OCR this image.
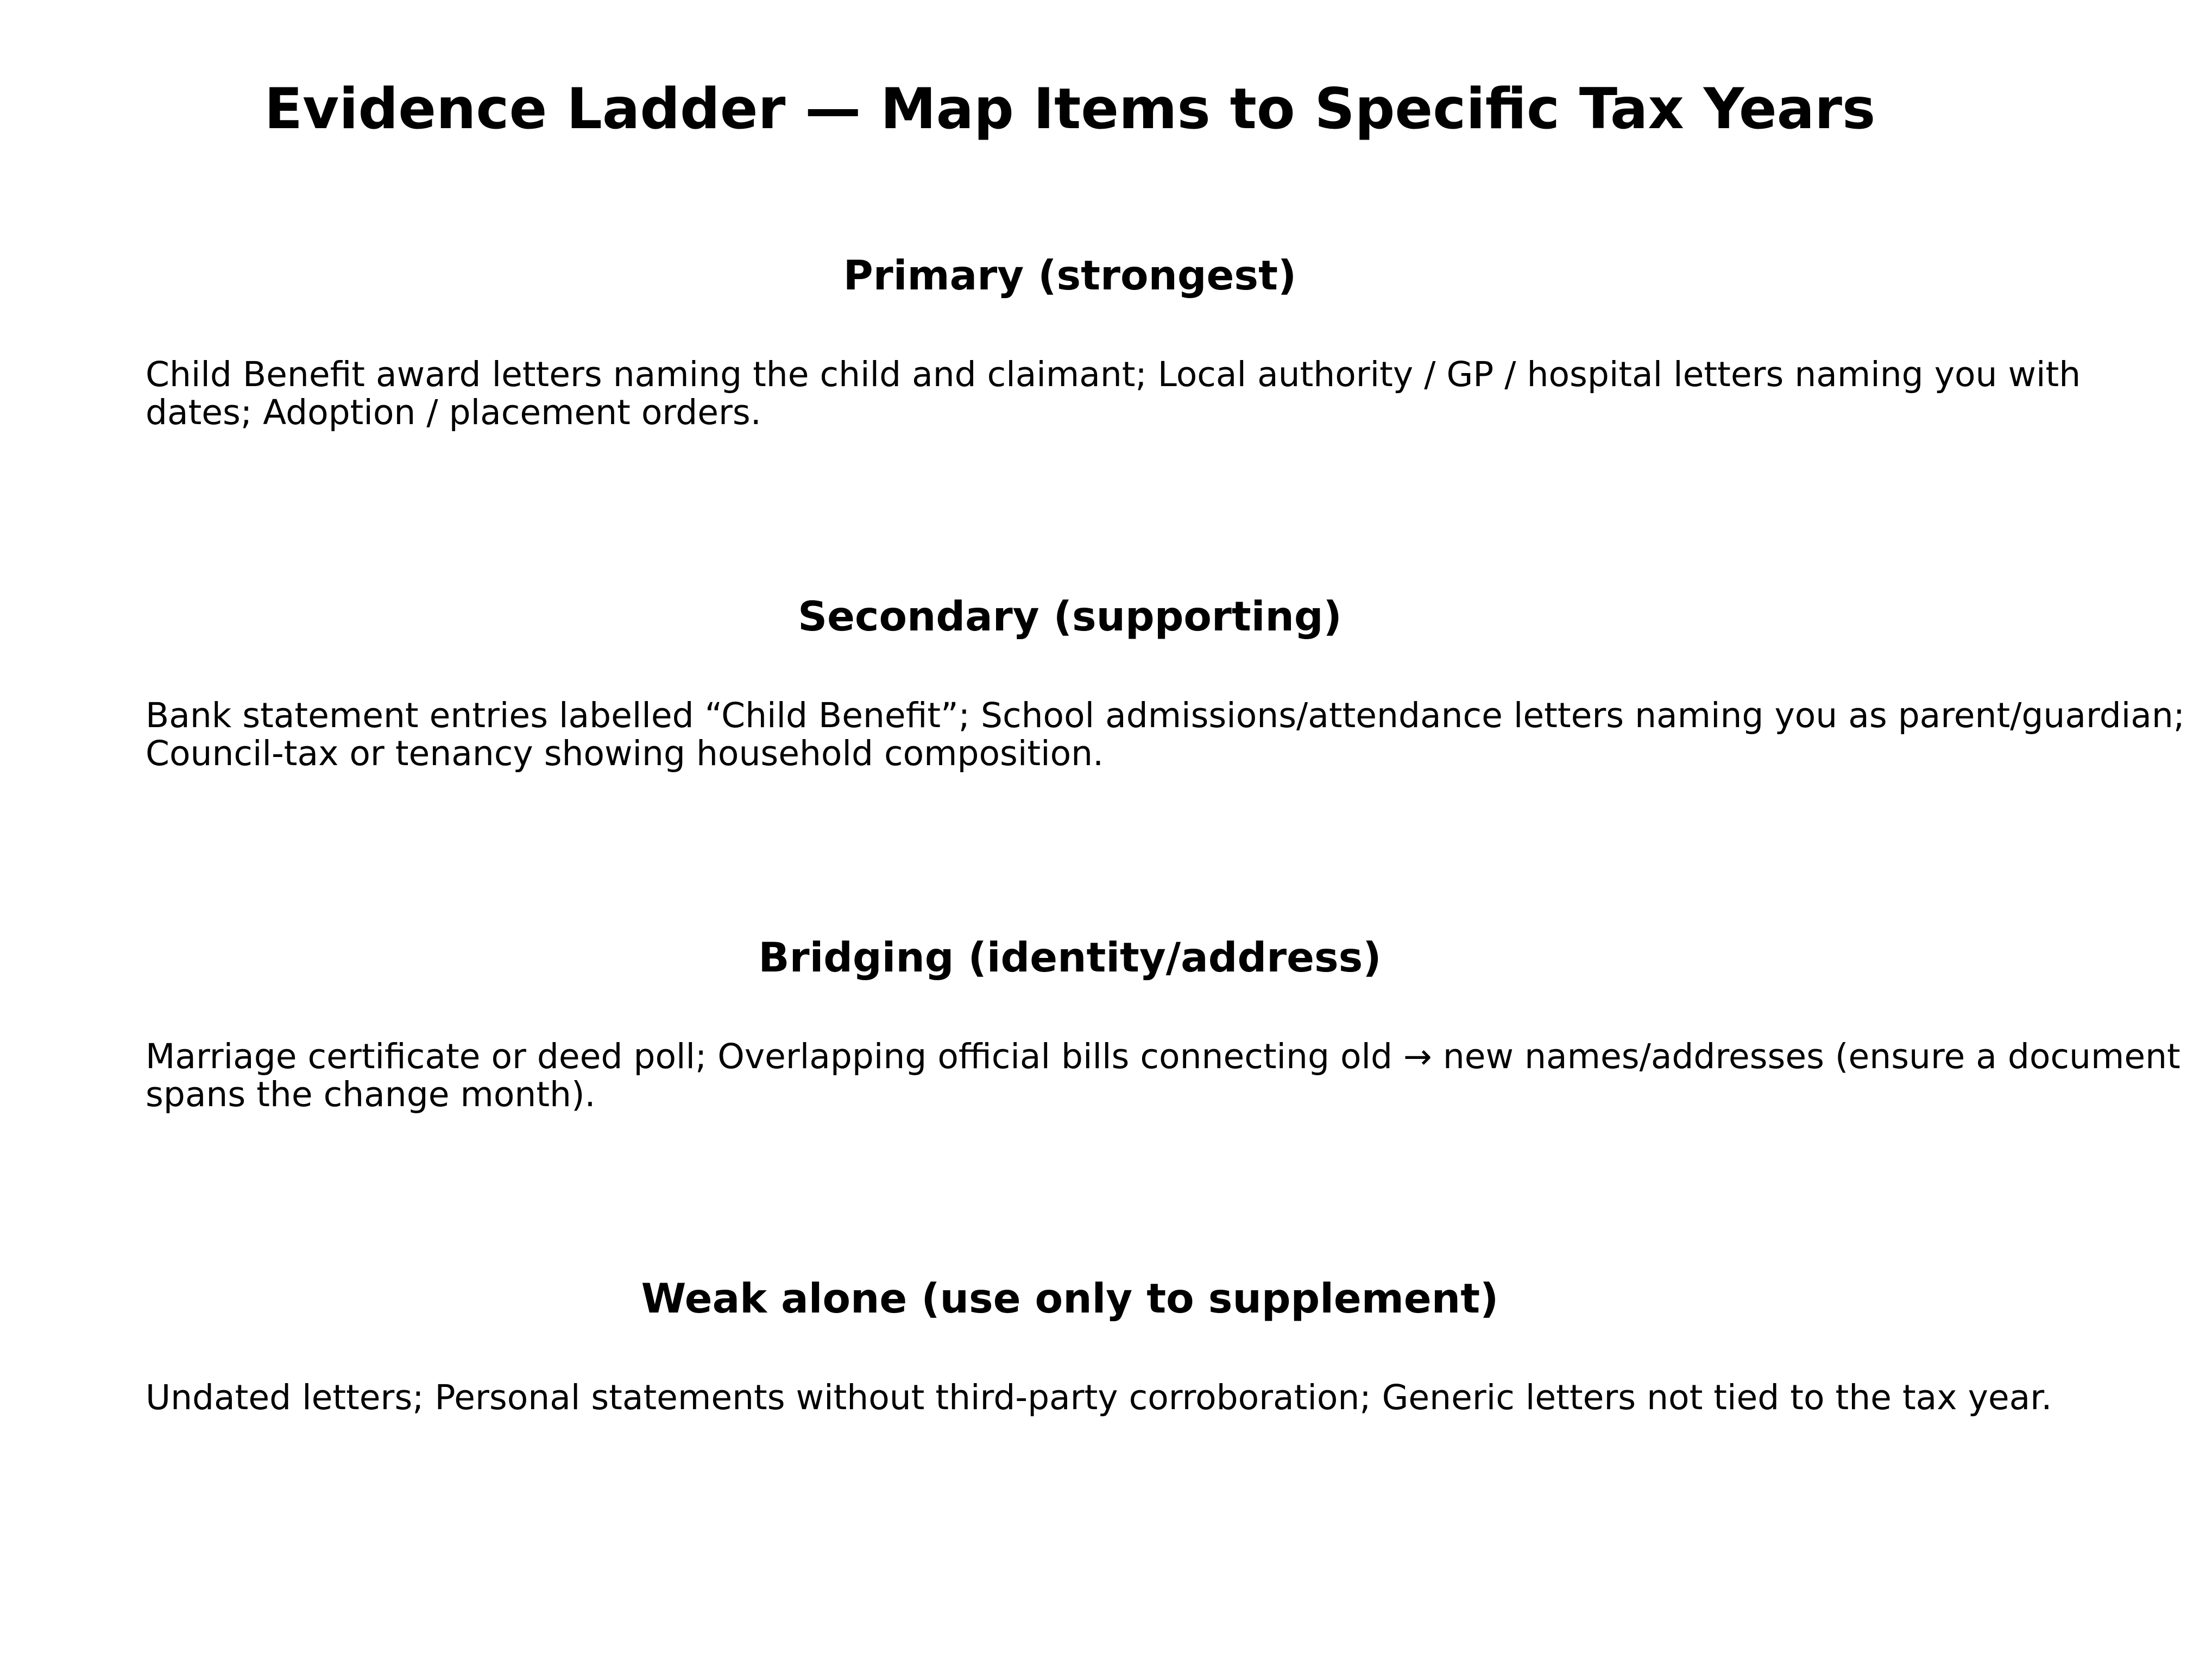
Evidence Ladder — Map Items to Specific Tax Years
Primary (strongest)

Child Benefit award letters naming the child and claimant; Local authority / GP / hospital letters naming you with
dates; Adoption / placement orders.

Secondary (supporting)

Bank statement entries labelled “Child Benefit”; School admissions/attendance letters naming you as parent/guardian;
Council-tax or tenancy showing household composition.

Bridging (identity/address)

Marriage certificate or deed poll; Overlapping official bills connecting old → new names/addresses (ensure a document
spans the change month).

Weak alone (use only to supplement)

Undated letters; Personal statements without third-party corroboration; Generic letters not tied to the tax year.
